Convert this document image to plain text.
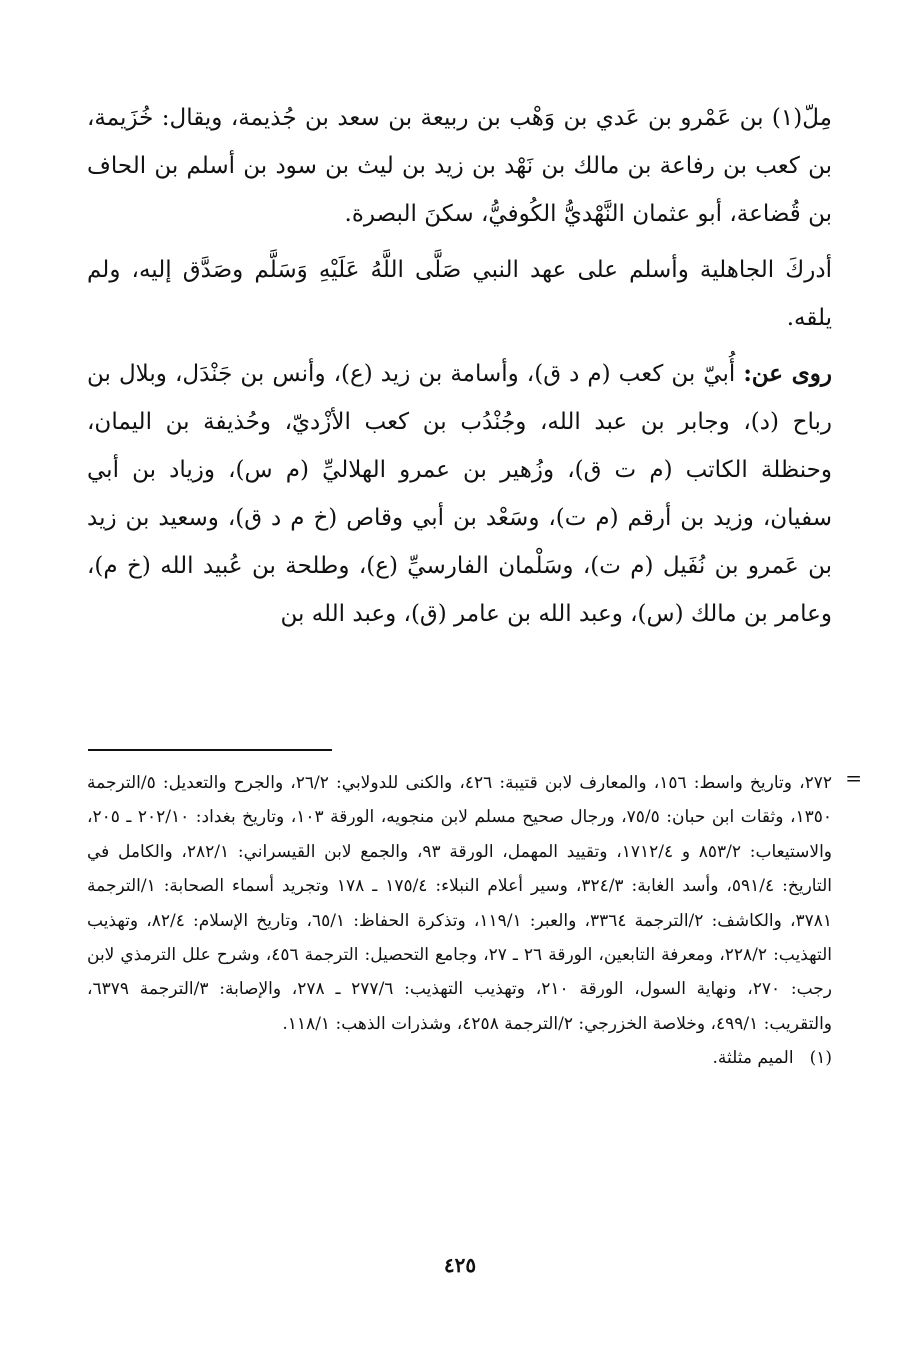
مِلّ(١) بن عَمْرو بن عَدي بن وَهْب بن ربيعة بن سعد بن جُذيمة، ويقال: خُزَيمة، بن كعب بن رفاعة بن مالك بن نَهْد بن زيد بن ليث بن سود بن أسلم بن الحاف بن قُضاعة، أبو عثمان النَّهْديُّ الكُوفيُّ، سكنَ البصرة.

أدركَ الجاهلية وأسلم على عهد النبي صَلَّى اللَّهُ عَلَيْهِ وَسَلَّم وصَدَّق إليه، ولم يلقه.

روى عن: أُبيّ بن كعب (م د ق)، وأسامة بن زيد (ع)، وأنس بن جَنْدَل، وبلال بن رباح (د)، وجابر بن عبد الله، وجُنْدُب بن كعب الأزْديّ، وحُذيفة بن اليمان، وحنظلة الكاتب (م ت ق)، وزُهير بن عمرو الهلاليِّ (م س)، وزياد بن أبي سفيان، وزيد بن أرقم (م ت)، وسَعْد بن أبي وقاص (خ م د ق)، وسعيد بن زيد بن عَمرو بن نُفَيل (م ت)، وسَلْمان الفارسيِّ (ع)، وطلحة بن عُبيد الله (خ م)، وعامر بن مالك (س)، وعبد الله بن عامر (ق)، وعبد الله بن

=

٢٧٢، وتاريخ واسط: ١٥٦، والمعارف لابن قتيبة: ٤٢٦، والكنى للدولابي: ٢٦/٢، والجرح والتعديل: ٥/الترجمة ١٣٥٠، وثقات ابن حبان: ٧٥/٥، ورجال صحيح مسلم لابن منجويه، الورقة ١٠٣، وتاريخ بغداد: ٢٠٢/١٠ ـ ٢٠٥، والاستيعاب: ٨٥٣/٢ و ١٧١٢/٤، وتقييد المهمل، الورقة ٩٣، والجمع لابن القيسراني: ٢٨٢/١، والكامل في التاريخ: ٥٩١/٤، وأسد الغابة: ٣٢٤/٣، وسير أعلام النبلاء: ١٧٥/٤ ـ ١٧٨ وتجريد أسماء الصحابة: ١/الترجمة ٣٧٨١، والكاشف: ٢/الترجمة ٣٣٦٤، والعبر: ١١٩/١، وتذكرة الحفاظ: ٦٥/١، وتاريخ الإسلام: ٨٢/٤، وتهذيب التهذيب: ٢٢٨/٢، ومعرفة التابعين، الورقة ٢٦ ـ ٢٧، وجامع التحصيل: الترجمة ٤٥٦، وشرح علل الترمذي لابن رجب: ٢٧٠، ونهاية السول، الورقة ٢١٠، وتهذيب التهذيب: ٢٧٧/٦ ـ ٢٧٨، والإصابة: ٣/الترجمة ٦٣٧٩، والتقريب: ٤٩٩/١، وخلاصة الخزرجي: ٢/الترجمة ٤٢٥٨، وشذرات الذهب: ١١٨/١.

(١)الميم مثلثة.

٤٢٥
